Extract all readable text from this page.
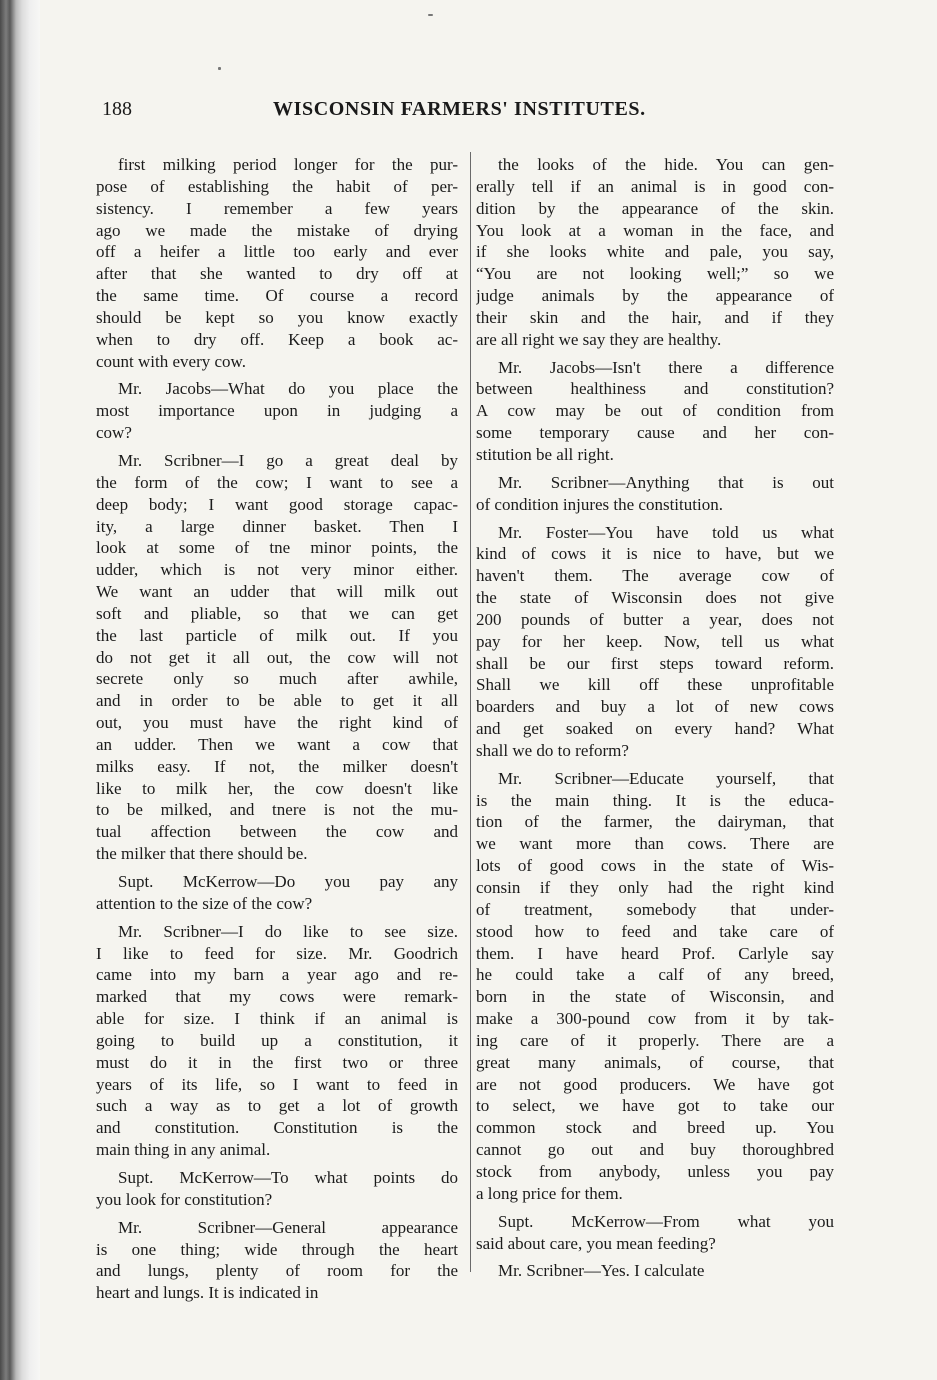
188	WISCONSIN FARMERS' INSTITUTES.
first milking period longer for the pur-
pose of establishing the habit of per-
sistency. I remember a few years
ago we made the mistake of drying
off a heifer a little too early and ever
after that she wanted to dry off at
the same time. Of course a record
should be kept so you know exactly
when to dry off. Keep a book ac-
count with every cow.
Mr. Jacobs—What do you place the
most importance upon in judging a
cow?
Mr. Scribner—I go a great deal by
the form of the cow; I want to see a
deep body; I want good storage capac-
ity, a large dinner basket. Then I
look at some of tne minor points, the
udder, which is not very minor either.
We want an udder that will milk out
soft and pliable, so that we can get
the last particle of milk out. If you
do not get it all out, the cow will not
secrete only so much after awhile,
and in order to be able to get it all
out, you must have the right kind of
an udder. Then we want a cow that
milks easy. If not, the milker doesn't
like to milk her, the cow doesn't like
to be milked, and tnere is not the mu-
tual affection between the cow and
the milker that there should be.
Supt. McKerrow—Do you pay any
attention to the size of the cow?
Mr. Scribner—I do like to see size.
I like to feed for size. Mr. Goodrich
came into my barn a year ago and re-
marked that my cows were remark-
able for size. I think if an animal is
going to build up a constitution, it
must do it in the first two or three
years of its life, so I want to feed in
such a way as to get a lot of growth
and constitution. Constitution is the
main thing in any animal.
Supt. McKerrow—To what points do
you look for constitution?
Mr. Scribner—General appearance
is one thing; wide through the heart
and lungs, plenty of room for the
heart and lungs. It is indicated in
the looks of the hide. You can gen-
erally tell if an animal is in good con-
dition by the appearance of the skin.
You look at a woman in the face, and
if she looks white and pale, you say,
“You are not looking well;” so we
judge animals by the appearance of
their skin and the hair, and if they
are all right we say they are healthy.
Mr. Jacobs—Isn't there a difference
between healthiness and constitution?
A cow may be out of condition from
some temporary cause and her con-
stitution be all right.
Mr. Scribner—Anything that is out
of condition injures the constitution.
Mr. Foster—You have told us what
kind of cows it is nice to have, but we
haven't them. The average cow of
the state of Wisconsin does not give
200 pounds of butter a year, does not
pay for her keep. Now, tell us what
shall be our first steps toward reform.
Shall we kill off these unprofitable
boarders and buy a lot of new cows
and get soaked on every hand? What
shall we do to reform?
Mr. Scribner—Educate yourself, that
is the main thing. It is the educa-
tion of the farmer, the dairyman, that
we want more than cows. There are
lots of good cows in the state of Wis-
consin if they only had the right kind
of treatment, somebody that under-
stood how to feed and take care of
them. I have heard Prof. Carlyle say
he could take a calf of any breed,
born in the state of Wisconsin, and
make a 300-pound cow from it by tak-
ing care of it properly. There are a
great many animals, of course, that
are not good producers. We have got
to select, we have got to take our
common stock and breed up. You
cannot go out and buy thoroughbred
stock from anybody, unless you pay
a long price for them.
Supt. McKerrow—From what you
said about care, you mean feeding?
Mr. Scribner—Yes. I calculate
